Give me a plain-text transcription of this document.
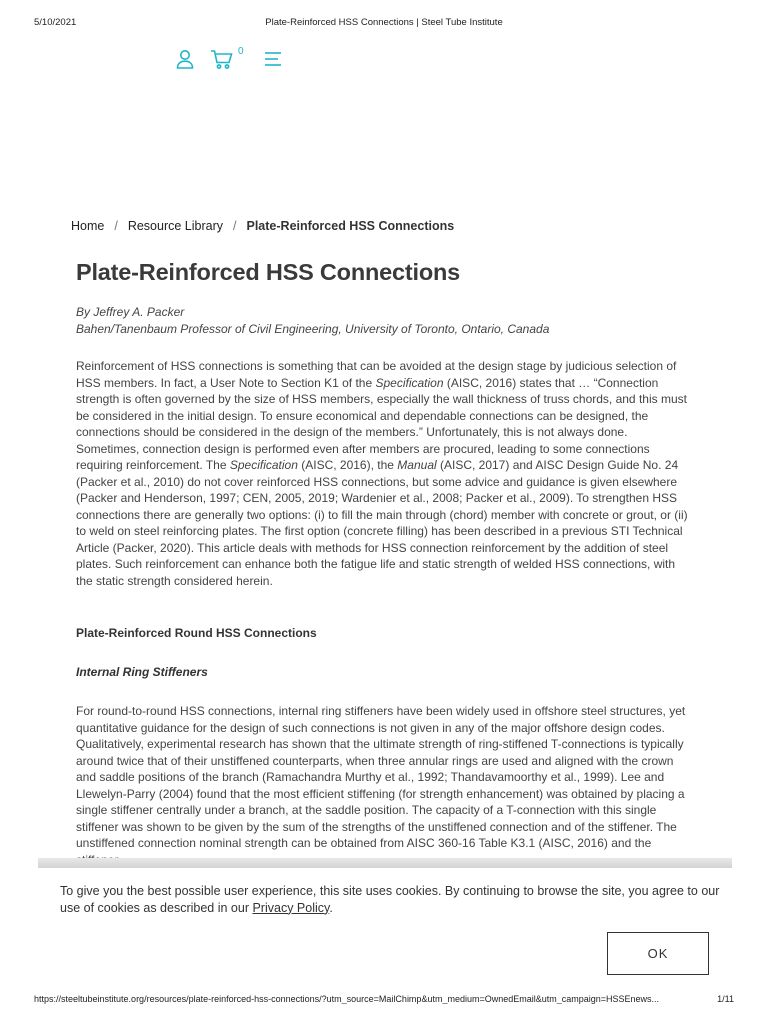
5/10/2021	Plate-Reinforced HSS Connections | Steel Tube Institute
0
Home / Resource Library / Plate-Reinforced HSS Connections
Plate-Reinforced HSS Connections
By Jeffrey A. Packer
Bahen/Tanenbaum Professor of Civil Engineering, University of Toronto, Ontario, Canada

Reinforcement of HSS connections is something that can be avoided at the design stage by judicious selection of HSS members. In fact, a User Note to Section K1 of the Specification (AISC, 2016) states that … “Connection strength is often governed by the size of HSS members, especially the wall thickness of truss chords, and this must be considered in the initial design. To ensure economical and dependable connections can be designed, the connections should be considered in the design of the members.” Unfortunately, this is not always done. Sometimes, connection design is performed even after members are procured, leading to some connections requiring reinforcement. The Specification (AISC, 2016), the Manual (AISC, 2017) and AISC Design Guide No. 24 (Packer et al., 2010) do not cover reinforced HSS connections, but some advice and guidance is given elsewhere (Packer and Henderson, 1997; CEN, 2005, 2019; Wardenier et al., 2008; Packer et al., 2009). To strengthen HSS connections there are generally two options: (i) to fill the main through (chord) member with concrete or grout, or (ii) to weld on steel reinforcing plates. The first option (concrete filling) has been described in a previous STI Technical Article (Packer, 2020). This article deals with methods for HSS connection reinforcement by the addition of steel plates. Such reinforcement can enhance both the fatigue life and static strength of welded HSS connections, with the static strength considered herein.

Plate-Reinforced Round HSS Connections
Internal Ring Stiffeners

For round-to-round HSS connections, internal ring stiffeners have been widely used in offshore steel structures, yet quantitative guidance for the design of such connections is not given in any of the major offshore design codes. Qualitatively, experimental research has shown that the ultimate strength of ring-stiffened T-connections is typically around twice that of their unstiffened counterparts, when three annular rings are used and aligned with the crown and saddle positions of the branch (Ramachandra Murthy et al., 1992; Thandavamoorthy et al., 1999). Lee and Llewelyn-Parry (2004) found that the most efficient stiffening (for strength enhancement) was obtained by placing a single stiffener centrally under a branch, at the saddle position. The capacity of a T-connection with this single stiffener was shown to be given by the sum of the strengths of the unstiffened connection and of the stiffener. The unstiffened connection nominal strength can be obtained from AISC 360-16 Table K3.1 (AISC, 2016) and the

To give you the best possible user experience, this site uses cookies. By continuing to browse the site, you agree to our use of cookies as described in our Privacy Policy.

OK
https://steeltubeinstitute.org/resources/plate-reinforced-hss-connections/?utm_source=MailChimp&utm_medium=OwnedEmail&utm_campaign=HSSEnews...	1/11
